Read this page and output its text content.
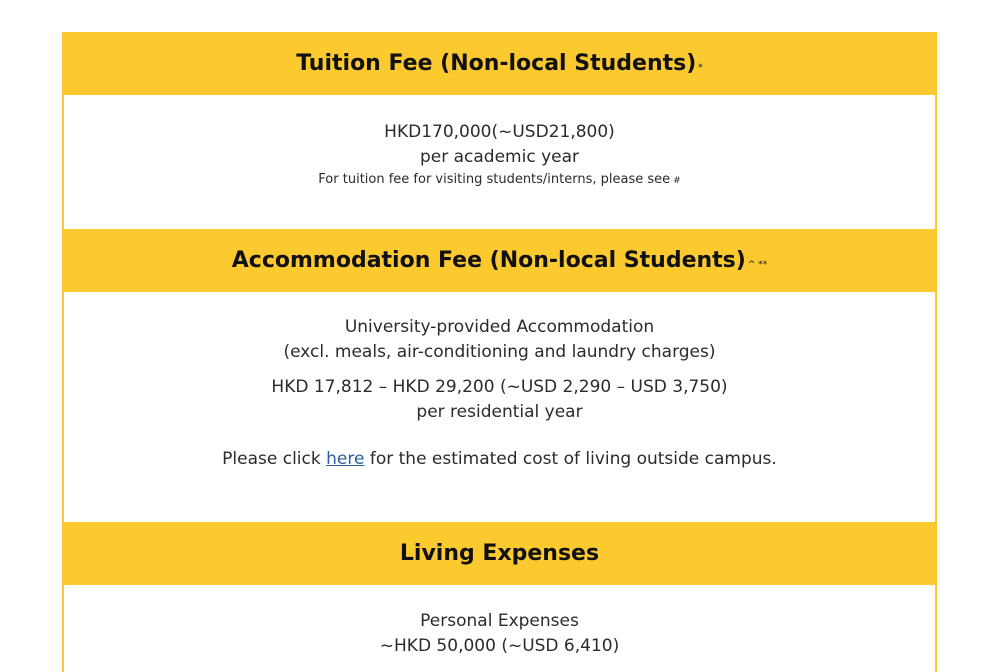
Tuition Fee (Non-local Students) *
HKD170,000(~USD21,800)
per academic year
For tuition fee for visiting students/interns, please see #
Accommodation Fee (Non-local Students) ^ **
University-provided Accommodation
(excl. meals, air-conditioning and laundry charges)
HKD 17,812 – HKD 29,200 (~USD 2,290 – USD 3,750)
per residential year
Please click here for the estimated cost of living outside campus.
Living Expenses
Personal Expenses
~HKD 50,000 (~USD 6,410)
